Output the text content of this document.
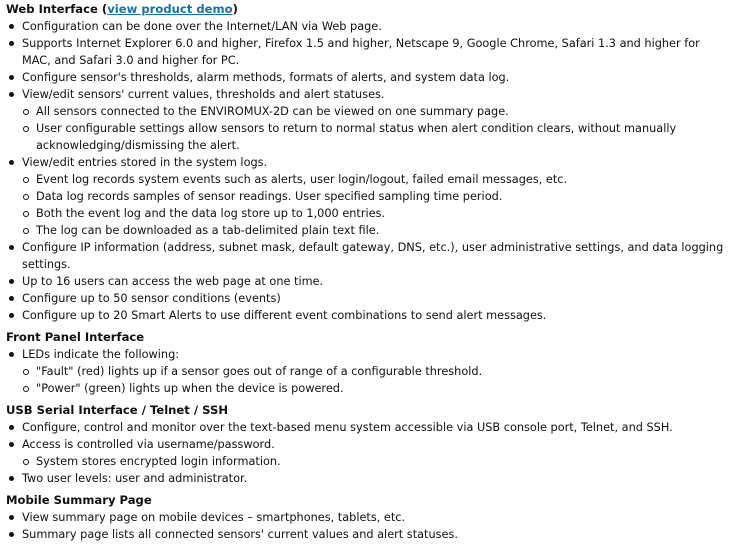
Web Interface (view product demo)
Configuration can be done over the Internet/LAN via Web page.
Supports Internet Explorer 6.0 and higher, Firefox 1.5 and higher, Netscape 9, Google Chrome, Safari 1.3 and higher for MAC, and Safari 3.0 and higher for PC.
Configure sensor's thresholds, alarm methods, formats of alerts, and system data log.
View/edit sensors' current values, thresholds and alert statuses.
All sensors connected to the ENVIROMUX-2D can be viewed on one summary page.
User configurable settings allow sensors to return to normal status when alert condition clears, without manually acknowledging/dismissing the alert.
View/edit entries stored in the system logs.
Event log records system events such as alerts, user login/logout, failed email messages, etc.
Data log records samples of sensor readings. User specified sampling time period.
Both the event log and the data log store up to 1,000 entries.
The log can be downloaded as a tab-delimited plain text file.
Configure IP information (address, subnet mask, default gateway, DNS, etc.), user administrative settings, and data logging settings.
Up to 16 users can access the web page at one time.
Configure up to 50 sensor conditions (events)
Configure up to 20 Smart Alerts to use different event combinations to send alert messages.
Front Panel Interface
LEDs indicate the following:
"Fault" (red) lights up if a sensor goes out of range of a configurable threshold.
"Power" (green) lights up when the device is powered.
USB Serial Interface / Telnet / SSH
Configure, control and monitor over the text-based menu system accessible via USB console port, Telnet, and SSH.
Access is controlled via username/password.
System stores encrypted login information.
Two user levels: user and administrator.
Mobile Summary Page
View summary page on mobile devices – smartphones, tablets, etc.
Summary page lists all connected sensors' current values and alert statuses.
